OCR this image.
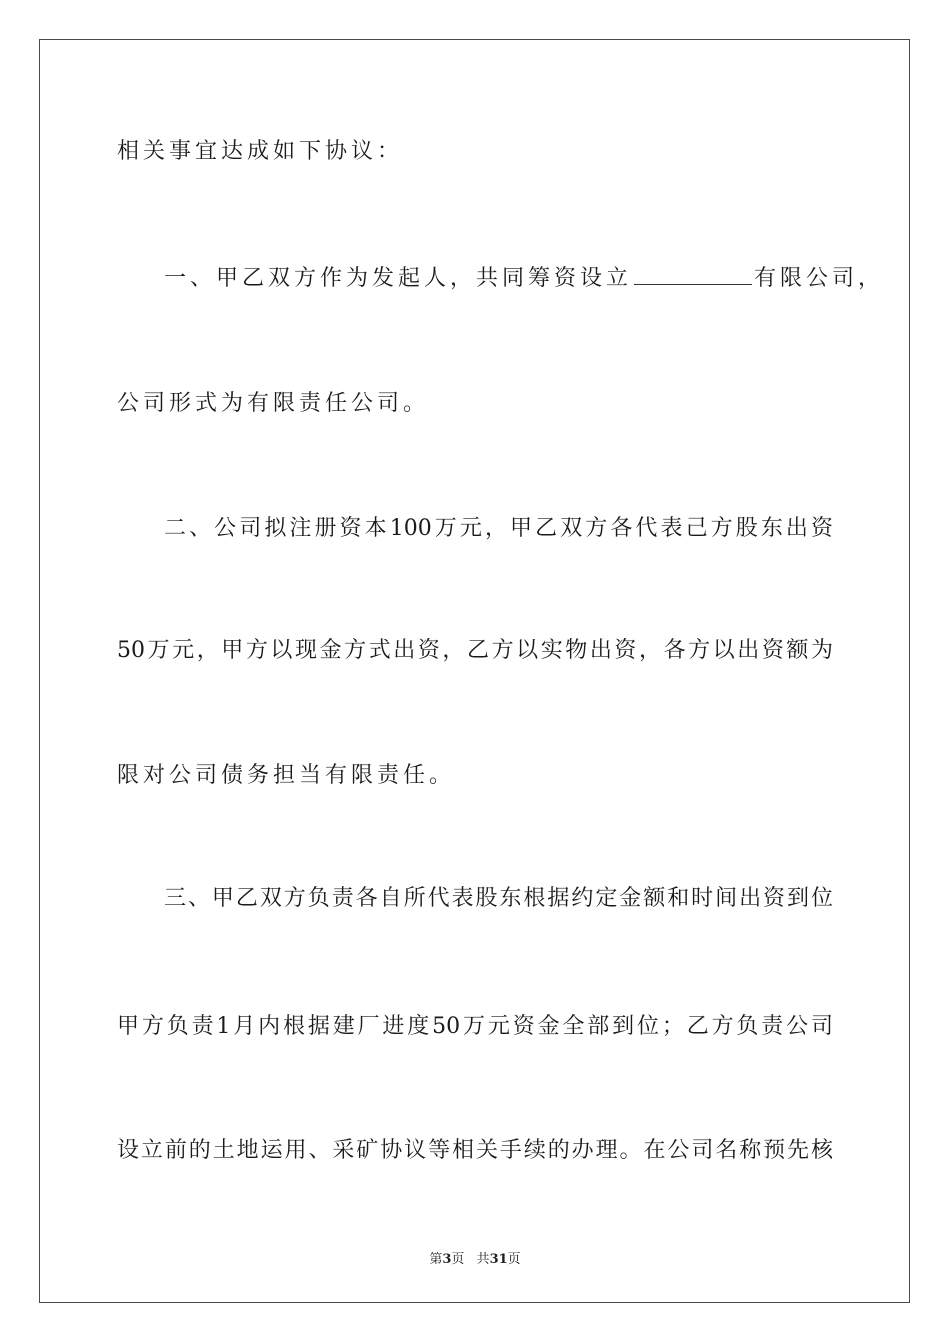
相关事宜达成如下协议：
一、甲乙双方作为发起人，共同筹资设立	有限公司，
公司形式为有限责任公司。
二、公司拟注册资本100万元，甲乙双方各代表己方股东出资
50万元，甲方以现金方式出资，乙方以实物出资，各方以出资额为
限对公司债务担当有限责任。
三、甲乙双方负责各自所代表股东根据约定金额和时间出资到位
甲方负责1月内根据建厂进度50万元资金全部到位；乙方负责公司
设立前的土地运用、采矿协议等相关手续的办理。在公司名称预先核
第3页 共31页
